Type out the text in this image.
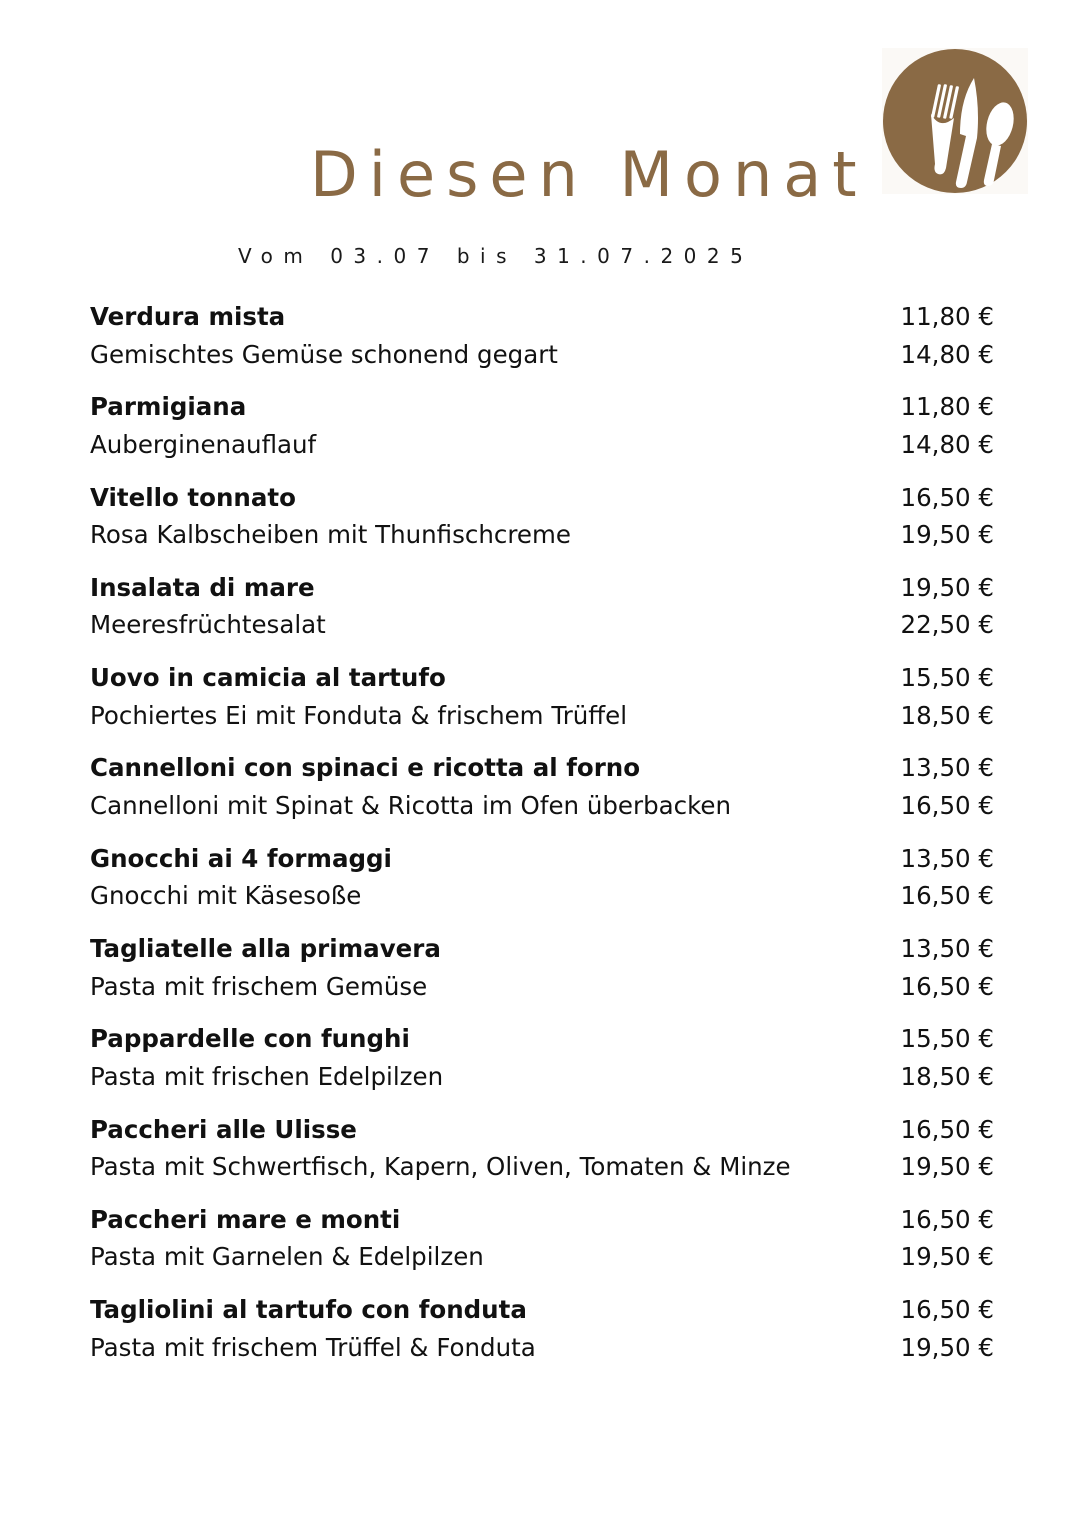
Diesen Monat
Vom 03.07 bis 31.07.2025
Verdura mista	11,80 €
Gemischtes Gemüse schonend gegart	14,80 €
Parmigiana	11,80 €
Auberginenauflauf	14,80 €
Vitello tonnato	16,50 €
Rosa Kalbscheiben mit Thunfischcreme	19,50 €
Insalata di mare	19,50 €
Meeresfrüchtesalat	22,50 €
Uovo in camicia al tartufo	15,50 €
Pochiertes Ei mit Fonduta & frischem Trüffel	18,50 €
Cannelloni con spinaci e ricotta al forno	13,50 €
Cannelloni mit Spinat & Ricotta im Ofen überbacken	16,50 €
Gnocchi ai 4 formaggi	13,50 €
Gnocchi mit Käsesoße	16,50 €
Tagliatelle alla primavera	13,50 €
Pasta mit frischem Gemüse	16,50 €
Pappardelle con funghi	15,50 €
Pasta mit frischen Edelpilzen	18,50 €
Paccheri alle Ulisse	16,50 €
Pasta mit Schwertfisch, Kapern, Oliven, Tomaten & Minze	19,50 €
Paccheri mare e monti	16,50 €
Pasta mit Garnelen & Edelpilzen	19,50 €
Tagliolini al tartufo con fonduta	16,50 €
Pasta mit frischem Trüffel & Fonduta	19,50 €
